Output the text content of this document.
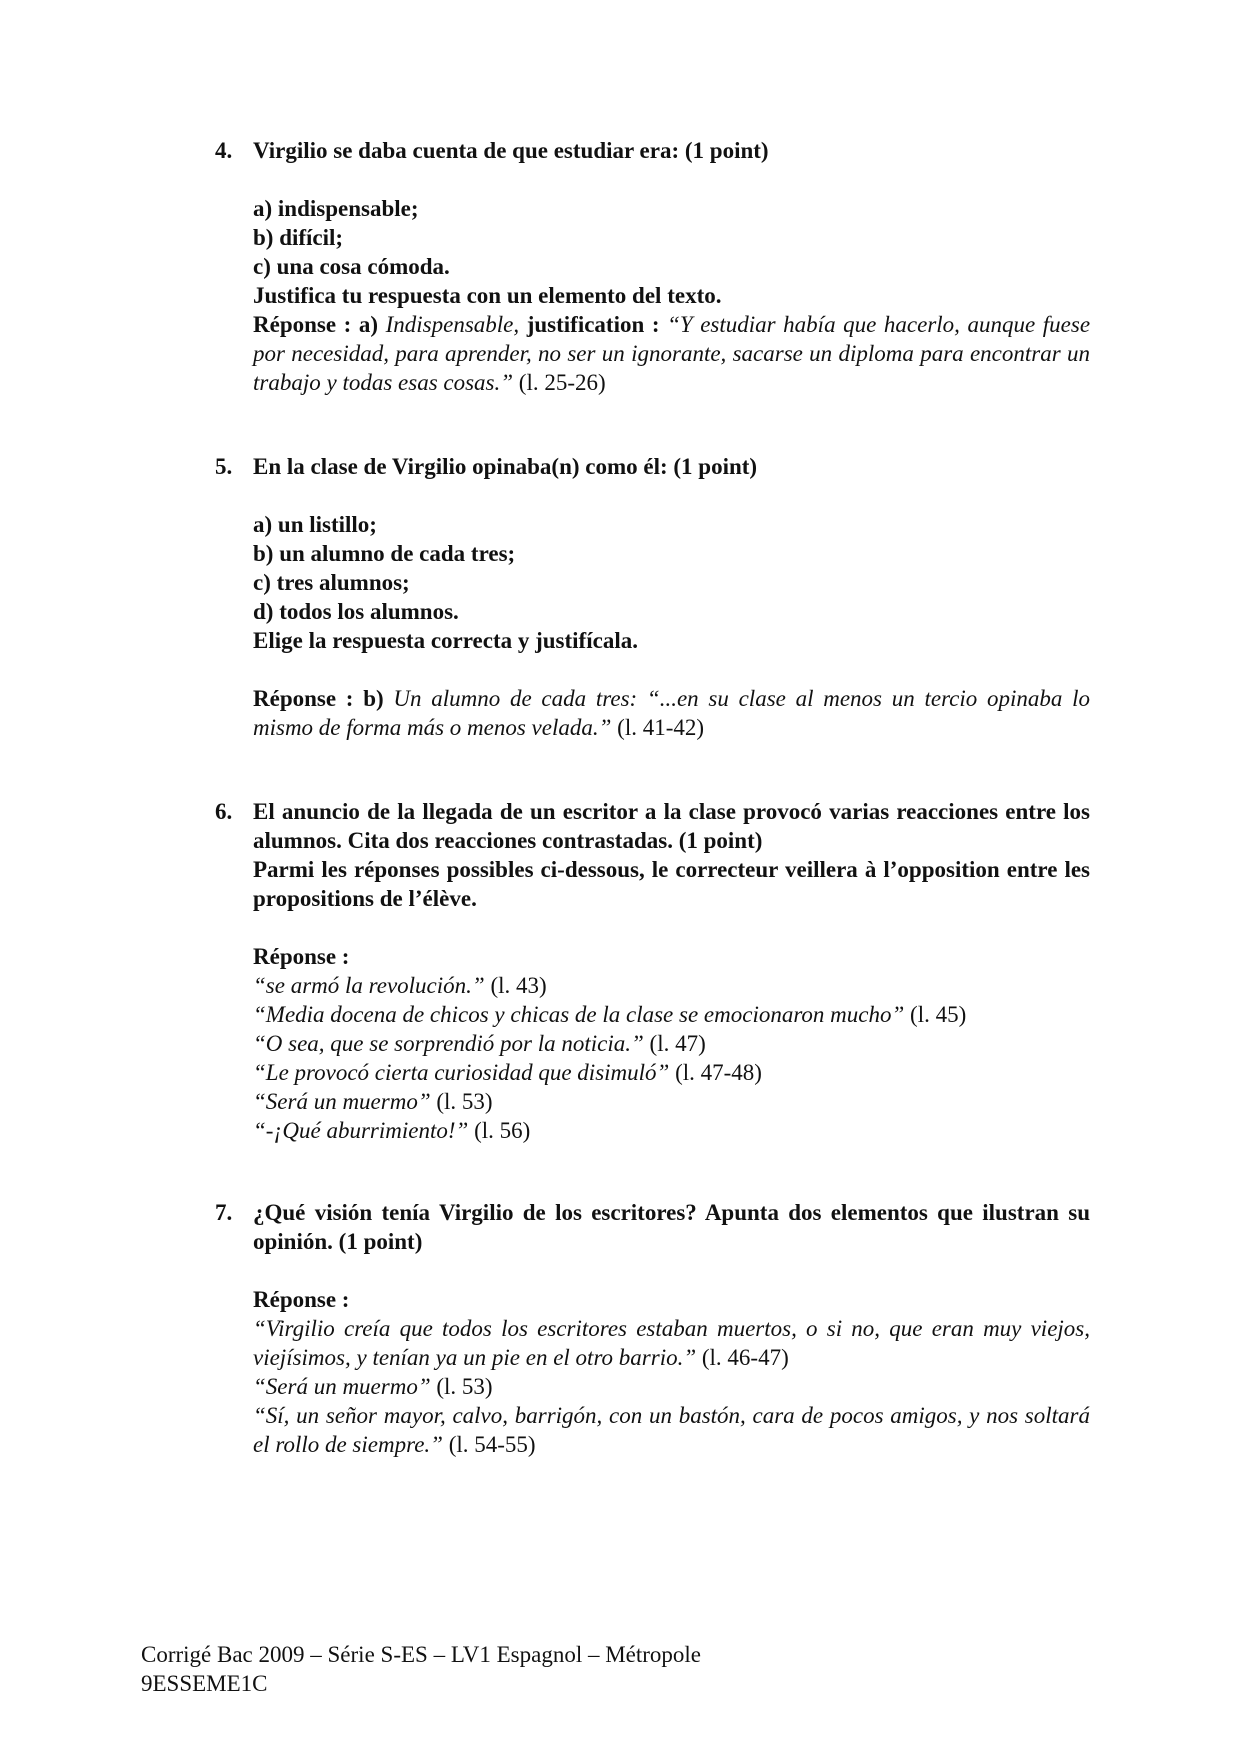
4. Virgilio se daba cuenta de que estudiar era: (1 point)
a) indispensable;
b) difícil;
c) una cosa cómoda.
Justifica tu respuesta con un elemento del texto.
Réponse : a) Indispensable, justification : “Y estudiar había que hacerlo, aunque fuese por necesidad, para aprender, no ser un ignorante, sacarse un diploma para encontrar un trabajo y todas esas cosas.” (l. 25-26)
5. En la clase de Virgilio opinaba(n) como él: (1 point)
a) un listillo;
b) un alumno de cada tres;
c) tres alumnos;
d) todos los alumnos.
Elige la respuesta correcta y justifícala.
Réponse : b) Un alumno de cada tres: “...en su clase al menos un tercio opinaba lo mismo de forma más o menos velada.” (l. 41-42)
6. El anuncio de la llegada de un escritor a la clase provocó varias reacciones entre los alumnos. Cita dos reacciones contrastadas. (1 point)
Parmi les réponses possibles ci-dessous, le correcteur veillera à l’opposition entre les propositions de l’élève.
Réponse :
“se armó la revolución.” (l. 43)
“Media docena de chicos y chicas de la clase se emocionaron mucho” (l. 45)
“O sea, que se sorprendió por la noticia.” (l. 47)
“Le provocó cierta curiosidad que disimuló” (l. 47-48)
“Será un muermo” (l. 53)
“-¡Qué aburrimiento!” (l. 56)
7. ¿Qué visión tenía Virgilio de los escritores? Apunta dos elementos que ilustran su opinión. (1 point)
Réponse :
“Virgilio creía que todos los escritores estaban muertos, o si no, que eran muy viejos, viejísimos, y tenían ya un pie en el otro barrio.” (l. 46-47)
“Será un muermo” (l. 53)
“Sí, un señor mayor, calvo, barrigón, con un bastón, cara de pocos amigos, y nos soltará el rollo de siempre.” (l. 54-55)
Corrigé Bac 2009 – Série S-ES – LV1 Espagnol – Métropole
9ESSEME1C
